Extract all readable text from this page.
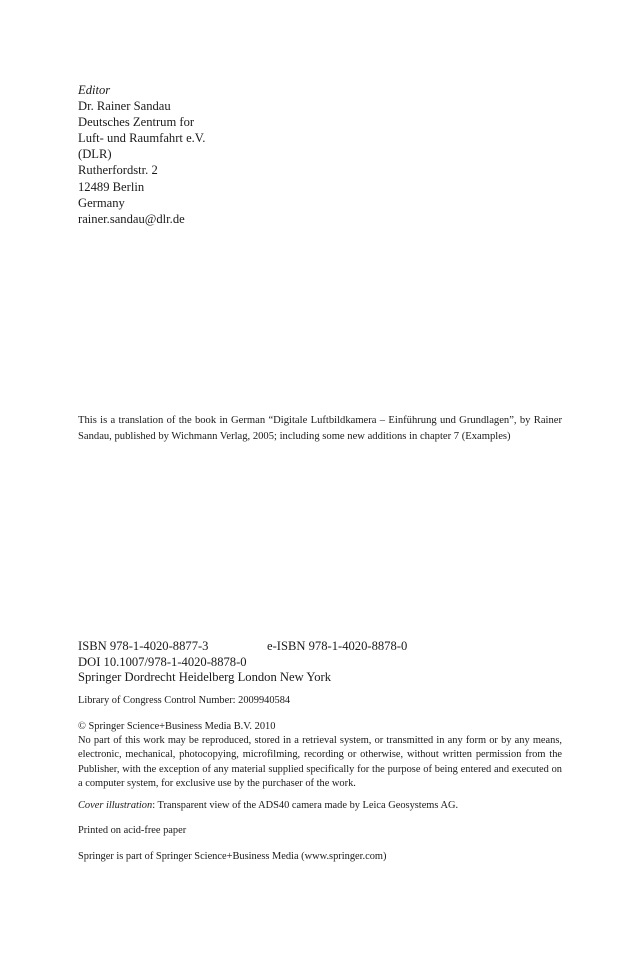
Editor
Dr. Rainer Sandau
Deutsches Zentrum for
Luft- und Raumfahrt e.V.
(DLR)
Rutherfordstr. 2
12489 Berlin
Germany
rainer.sandau@dlr.de
This is a translation of the book in German “Digitale Luftbildkamera – Einführung und Grundlagen”, by Rainer Sandau, published by Wichmann Verlag, 2005; including some new additions in chapter 7 (Examples)
ISBN 978-1-4020-8877-3	e-ISBN 978-1-4020-8878-0
DOI 10.1007/978-1-4020-8878-0
Springer Dordrecht Heidelberg London New York
Library of Congress Control Number: 2009940584
© Springer Science+Business Media B.V. 2010
No part of this work may be reproduced, stored in a retrieval system, or transmitted in any form or by any means, electronic, mechanical, photocopying, microfilming, recording or otherwise, without written permission from the Publisher, with the exception of any material supplied specifically for the purpose of being entered and executed on a computer system, for exclusive use by the purchaser of the work.
Cover illustration: Transparent view of the ADS40 camera made by Leica Geosystems AG.
Printed on acid-free paper
Springer is part of Springer Science+Business Media (www.springer.com)
